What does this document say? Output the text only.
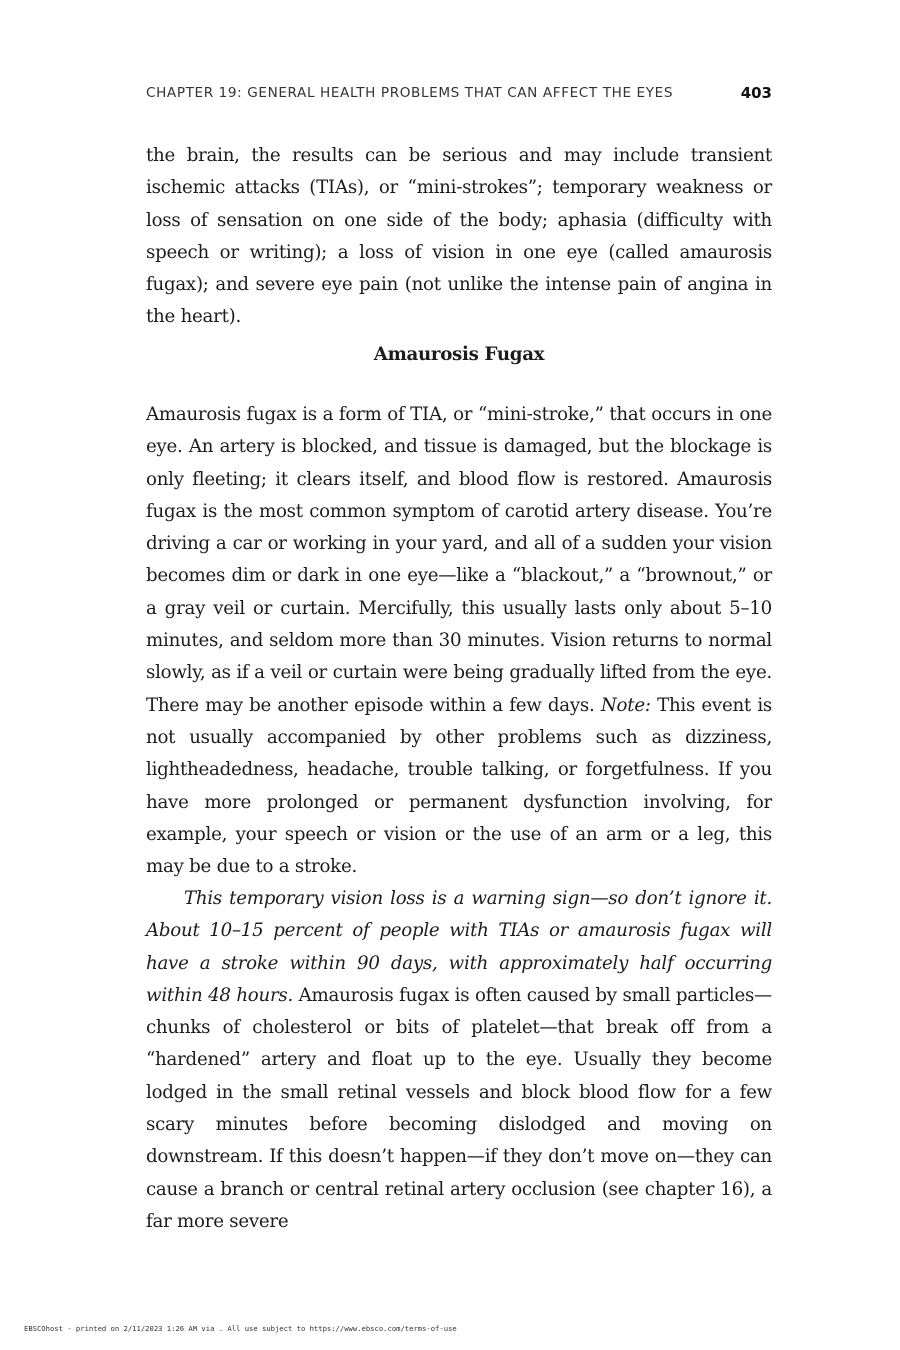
CHAPTER 19: GENERAL HEALTH PROBLEMS THAT CAN AFFECT THE EYES	403

the brain, the results can be serious and may include transient ischemic attacks (TIAs), or “mini-strokes”; temporary weakness or loss of sensation on one side of the body; aphasia (difficulty with speech or writing); a loss of vision in one eye (called amaurosis fugax); and severe eye pain (not unlike the intense pain of angina in the heart).

Amaurosis Fugax

Amaurosis fugax is a form of TIA, or “mini-stroke,” that occurs in one eye. An artery is blocked, and tissue is damaged, but the blockage is only fleeting; it clears itself, and blood flow is restored. Amaurosis fugax is the most common symptom of carotid artery disease. You’re driving a car or working in your yard, and all of a sudden your vision becomes dim or dark in one eye—like a “blackout,” a “brownout,” or a gray veil or curtain. Mercifully, this usually lasts only about 5–10 minutes, and seldom more than 30 minutes. Vision returns to normal slowly, as if a veil or curtain were being gradually lifted from the eye. There may be another episode within a few days. Note: This event is not usually accompanied by other problems such as dizziness, lightheadedness, headache, trouble talking, or forgetfulness. If you have more prolonged or permanent dysfunction involving, for example, your speech or vision or the use of an arm or a leg, this may be due to a stroke.

This temporary vision loss is a warning sign—so don’t ignore it. About 10–15 percent of people with TIAs or amaurosis fugax will have a stroke within 90 days, with approximately half occurring within 48 hours. Amaurosis fugax is often caused by small particles—chunks of cholesterol or bits of platelet—that break off from a “hardened” artery and float up to the eye. Usually they become lodged in the small retinal vessels and block blood flow for a few scary minutes before becoming dislodged and moving on downstream. If this doesn’t happen—if they don’t move on—they can cause a branch or central retinal artery occlusion (see chapter 16), a far more severe

EBSCOhost - printed on 2/11/2023 1:26 AM via . All use subject to https://www.ebsco.com/terms-of-use
